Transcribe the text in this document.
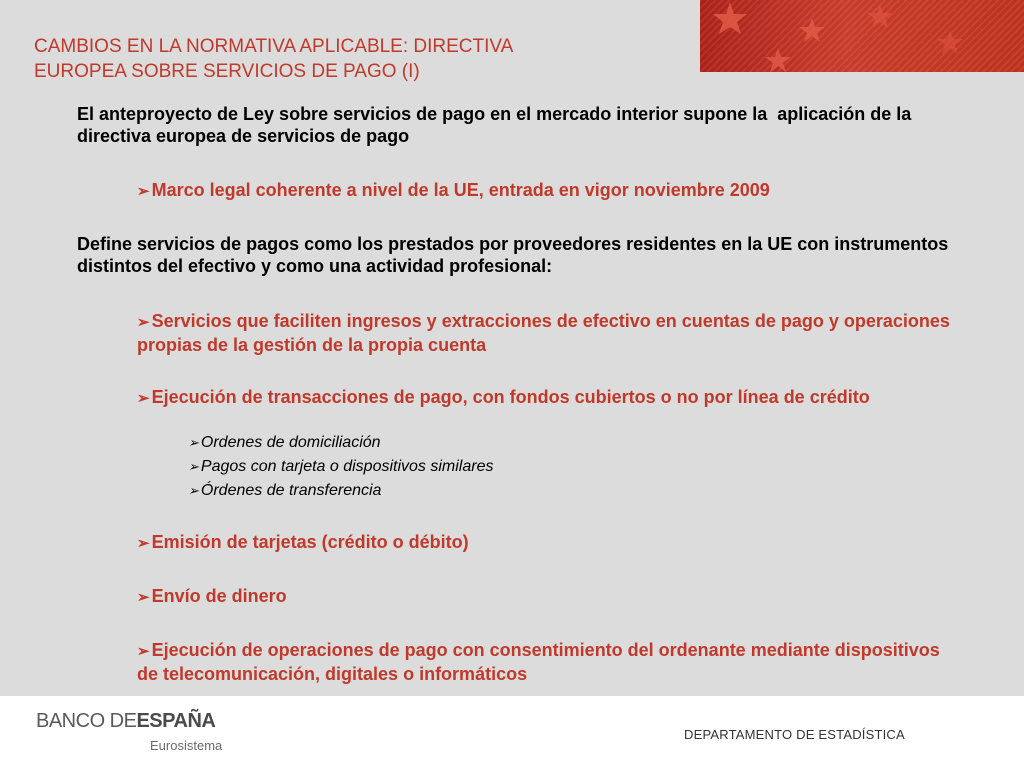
CAMBIOS EN LA NORMATIVA APLICABLE: DIRECTIVA
EUROPEA SOBRE SERVICIOS DE PAGO (I)

El anteproyecto de Ley sobre servicios de pago en el mercado interior supone la  aplicación de la directiva europea de servicios de pago

➢ Marco legal coherente a nivel de la UE, entrada en vigor noviembre 2009

Define servicios de pagos como los prestados por proveedores residentes en la UE con instrumentos distintos del efectivo y como una actividad profesional:

➢ Servicios que faciliten ingresos y extracciones de efectivo en cuentas de pago y operaciones propias de la gestión de la propia cuenta

➢ Ejecución de transacciones de pago, con fondos cubiertos o no por línea de crédito

➢ Ordenes de domiciliación

➢ Pagos con tarjeta o dispositivos similares

➢ Órdenes de transferencia

➢ Emisión de tarjetas (crédito o débito)

➢ Envío de dinero

➢ Ejecución de operaciones de pago con consentimiento del ordenante mediante dispositivos de telecomunicación, digitales o informáticos

BANCO DEESPAÑA
Eurosistema
DEPARTAMENTO DE ESTADÍSTICA
